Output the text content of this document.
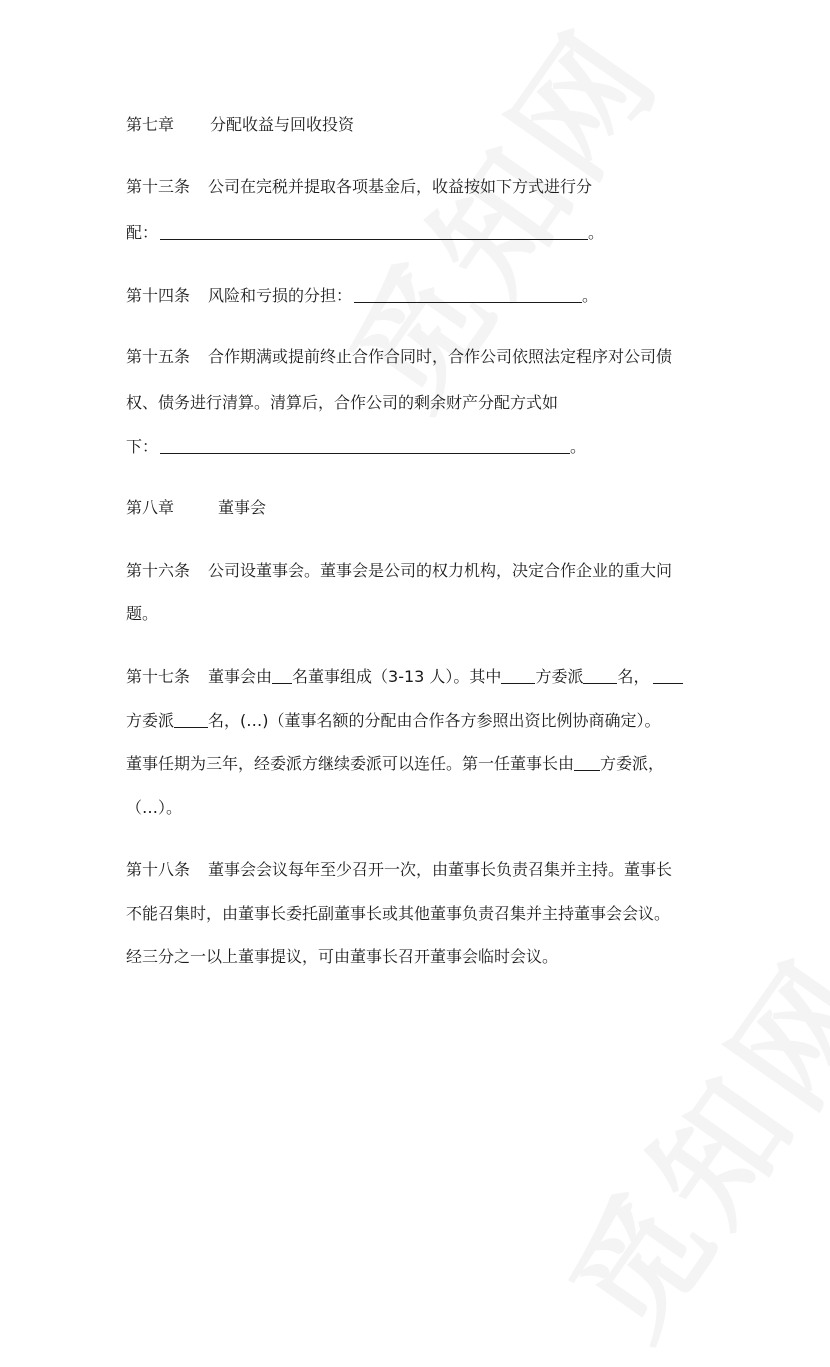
第七章 分配收益与回收投资
第十三条 公司在完税并提取各项基金后，收益按如下方式进行分
配：	。
第十四条 风险和亏损的分担：	。
第十五条 合作期满或提前终止合作合同时，合作公司依照法定程序对公司债
权、债务进行清算。清算后，合作公司的剩余财产分配方式如
下：	。
第八章	董事会
第十六条 公司设董事会。董事会是公司的权力机构，决定合作企业的重大问
题。
第十七条 董事会由 名董事组成（3-13 人）。其中 方委派 名，
方委派 名，(…)（董事名额的分配由合作各方参照出资比例协商确定）。
董事任期为三年，经委派方继续委派可以连任。第一任董事长由 方委派，
（…）。
第十八条 董事会会议每年至少召开一次，由董事长负责召集并主持。董事长
不能召集时，由董事长委托副董事长或其他董事负责召集并主持董事会会议。
经三分之一以上董事提议，可由董事长召开董事会临时会议。
